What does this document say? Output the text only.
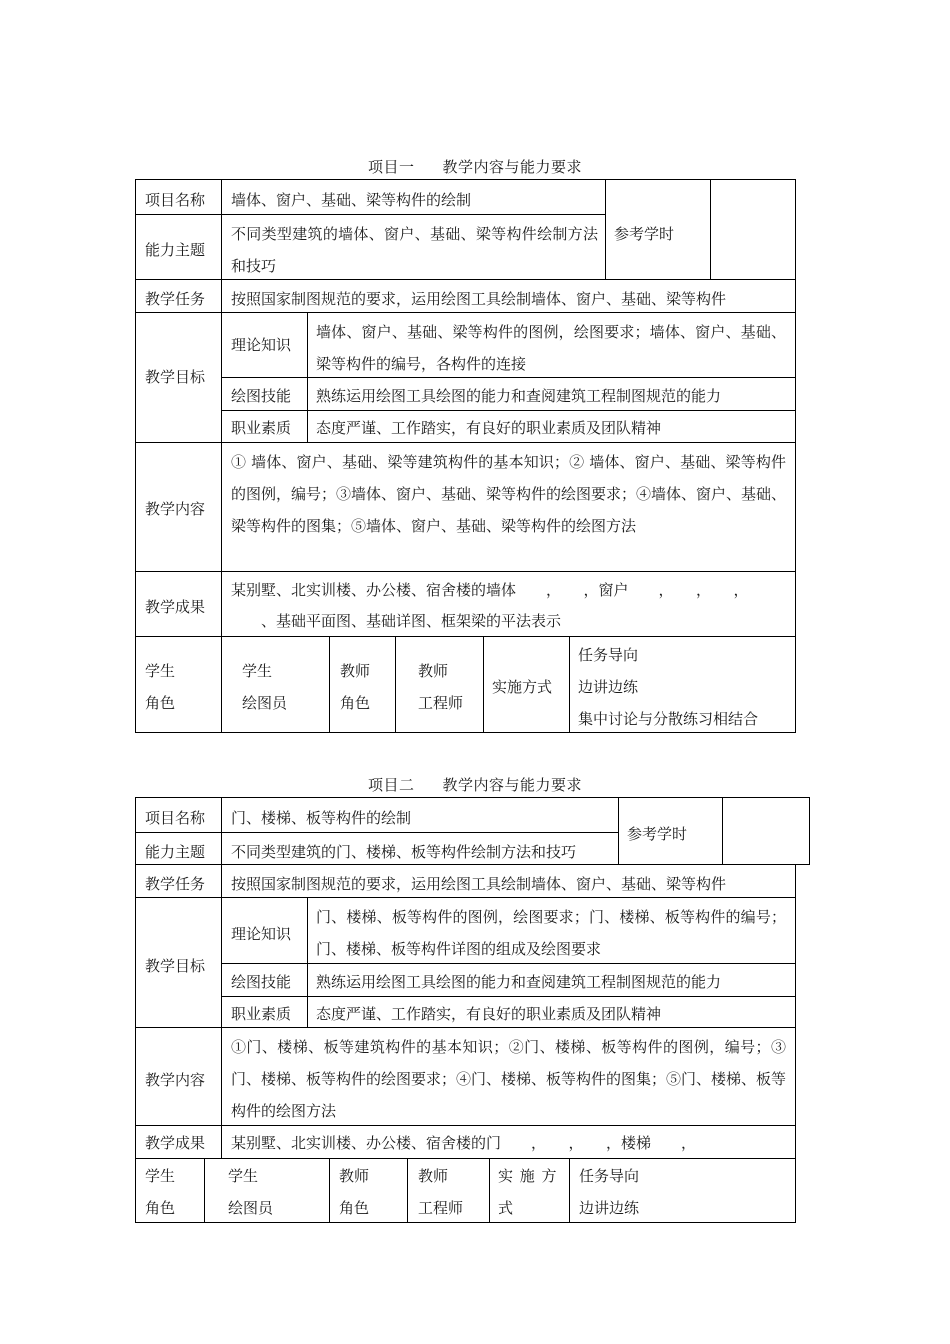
项目一 教学内容与能力要求
项目名称 墙体、窗户、基础、梁等构件的绘制
能力主题
不同类型建筑的墙体、窗户、基础、梁等构件绘制方法和技巧
参考学时
教学任务 按照国家制图规范的要求，运用绘图工具绘制墙体、窗户、基础、梁等构件
教学目标
理论知识
墙体、窗户、基础、梁等构件的图例，绘图要求；墙体、窗户、基础、梁等构件的编号，各构件的连接
绘图技能 熟练运用绘图工具绘图的能力和查阅建筑工程制图规范的能力
职业素质 态度严谨、工作踏实，有良好的职业素质及团队精神
教学内容
① 墙体、窗户、基础、梁等建筑构件的基本知识；② 墙体、窗户、基础、梁等构件的图例，编号；③墙体、窗户、基础、梁等构件的绘图要求；④墙体、窗户、基础、梁等构件的图集；⑤墙体、窗户、基础、梁等构件的绘图方法
教学成果
某别墅、北实训楼、办公楼、宿舍楼的墙体　　，　　，窗户　　，　　，　　，
　　、基础平面图、基础详图、框架梁的平法表示
学生
角色
学生
绘图员
教师
角色
教师
工程师
实施方式
任务导向
边讲边练
集中讨论与分散练习相结合
项目二 教学内容与能力要求
项目名称 门、楼梯、板等构件的绘制
能力主题 不同类型建筑的门、楼梯、板等构件绘制方法和技巧
参考学时
教学任务 按照国家制图规范的要求，运用绘图工具绘制墙体、窗户、基础、梁等构件
教学目标
理论知识
门、楼梯、板等构件的图例，绘图要求；门、楼梯、板等构件的编号；门、楼梯、板等构件详图的组成及绘图要求
绘图技能 熟练运用绘图工具绘图的能力和查阅建筑工程制图规范的能力
职业素质 态度严谨、工作踏实，有良好的职业素质及团队精神
教学内容
①门、楼梯、板等建筑构件的基本知识；②门、楼梯、板等构件的图例，编号；③门、楼梯、板等构件的绘图要求；④门、楼梯、板等构件的图集；⑤门、楼梯、板等构件的绘图方法
教学成果 某别墅、北实训楼、办公楼、宿舍楼的门　　，　　，　　，楼梯　　，
学生
角色
学生
绘图员
教师
角色
教师
工程师
实 施 方
式
任务导向
边讲边练
